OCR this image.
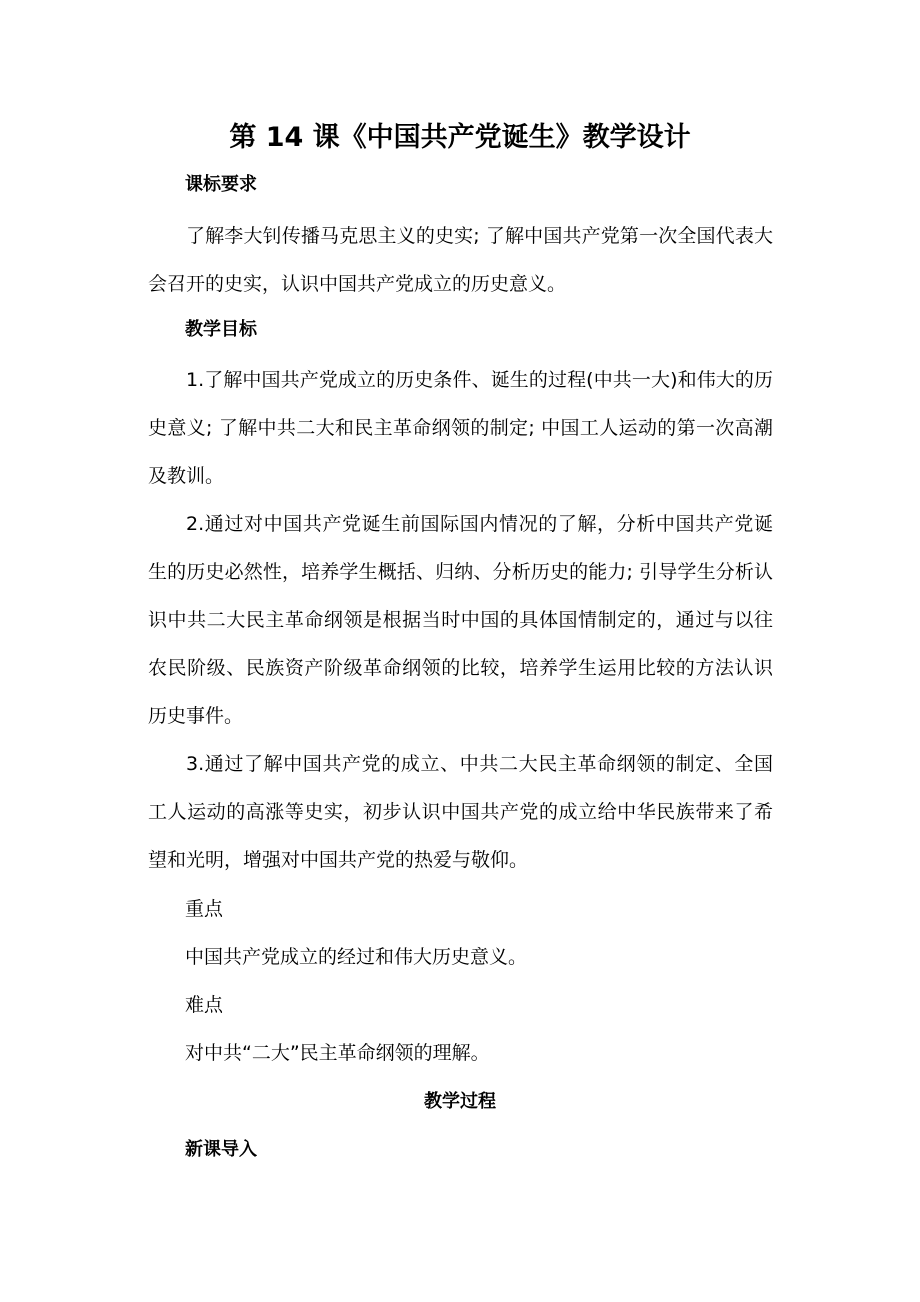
第 14 课《中国共产党诞生》教学设计

课标要求

了解李大钊传播马克思主义的史实; 了解中国共产党第一次全国代表大会召开的史实，认识中国共产党成立的历史意义。

教学目标

1.了解中国共产党成立的历史条件、诞生的过程(中共一大)和伟大的历史意义; 了解中共二大和民主革命纲领的制定; 中国工人运动的第一次高潮及教训。

2.通过对中国共产党诞生前国际国内情况的了解，分析中国共产党诞生的历史必然性，培养学生概括、归纳、分析历史的能力; 引导学生分析认识中共二大民主革命纲领是根据当时中国的具体国情制定的，通过与以往农民阶级、民族资产阶级革命纲领的比较，培养学生运用比较的方法认识历史事件。

3.通过了解中国共产党的成立、中共二大民主革命纲领的制定、全国工人运动的高涨等史实，初步认识中国共产党的成立给中华民族带来了希望和光明，增强对中国共产党的热爱与敬仰。

重点

中国共产党成立的经过和伟大历史意义。

难点

对中共“二大”民主革命纲领的理解。

教学过程

新课导入
